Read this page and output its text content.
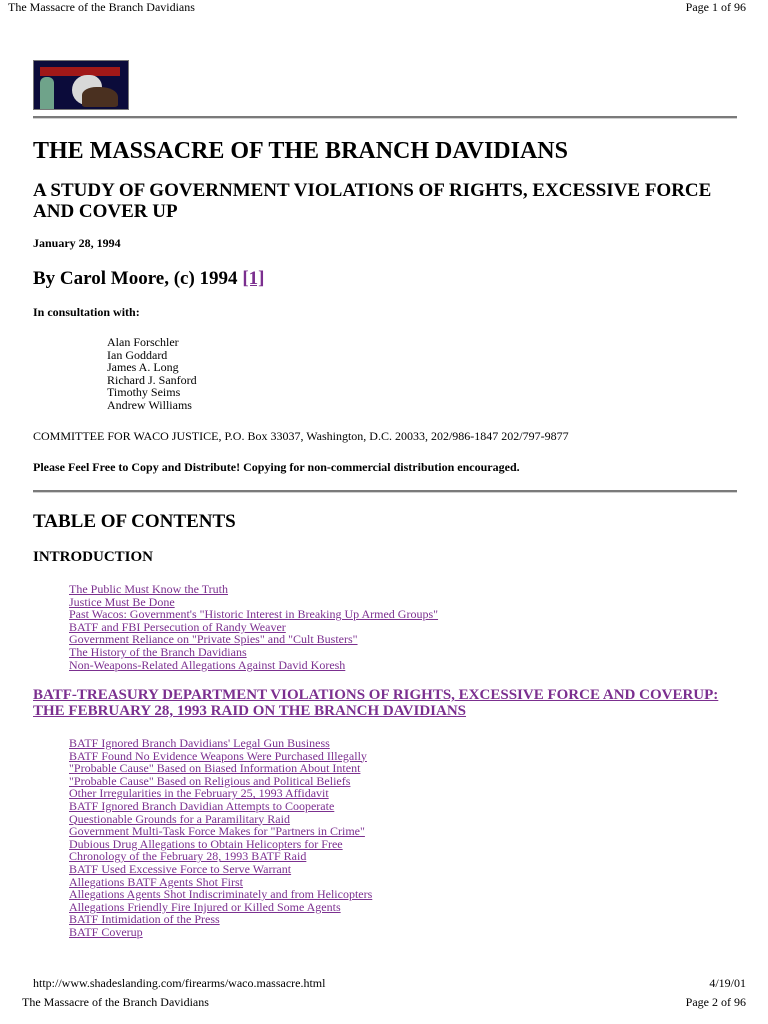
The Massacre of the Branch Davidians	Page 1 of 96
THE MASSACRE OF THE BRANCH DAVIDIANS
A STUDY OF GOVERNMENT VIOLATIONS OF RIGHTS, EXCESSIVE FORCE AND COVER UP
January 28, 1994
By Carol Moore, (c) 1994 [1]
In consultation with:
Alan Forschler
Ian Goddard
James A. Long
Richard J. Sanford
Timothy Seims
Andrew Williams
COMMITTEE FOR WACO JUSTICE, P.O. Box 33037, Washington, D.C. 20033, 202/986-1847 202/797-9877
Please Feel Free to Copy and Distribute! Copying for non-commercial distribution encouraged.
TABLE OF CONTENTS
INTRODUCTION
The Public Must Know the Truth
Justice Must Be Done
Past Wacos: Government's "Historic Interest in Breaking Up Armed Groups"
BATF and FBI Persecution of Randy Weaver
Government Reliance on "Private Spies" and "Cult Busters"
The History of the Branch Davidians
Non-Weapons-Related Allegations Against David Koresh
BATF-TREASURY DEPARTMENT VIOLATIONS OF RIGHTS, EXCESSIVE FORCE AND COVERUP: THE FEBRUARY 28, 1993 RAID ON THE BRANCH DAVIDIANS
BATF Ignored Branch Davidians' Legal Gun Business
BATF Found No Evidence Weapons Were Purchased Illegally
"Probable Cause" Based on Biased Information About Intent
"Probable Cause" Based on Religious and Political Beliefs
Other Irregularities in the February 25, 1993 Affidavit
BATF Ignored Branch Davidian Attempts to Cooperate
Questionable Grounds for a Paramilitary Raid
Government Multi-Task Force Makes for "Partners in Crime"
Dubious Drug Allegations to Obtain Helicopters for Free
Chronology of the February 28, 1993 BATF Raid
BATF Used Excessive Force to Serve Warrant
Allegations BATF Agents Shot First
Allegations Agents Shot Indiscriminately and from Helicopters
Allegations Friendly Fire Injured or Killed Some Agents
BATF Intimidation of the Press
BATF Coverup
http://www.shadeslanding.com/firearms/waco.massacre.html	4/19/01
The Massacre of the Branch Davidians	Page 2 of 96
